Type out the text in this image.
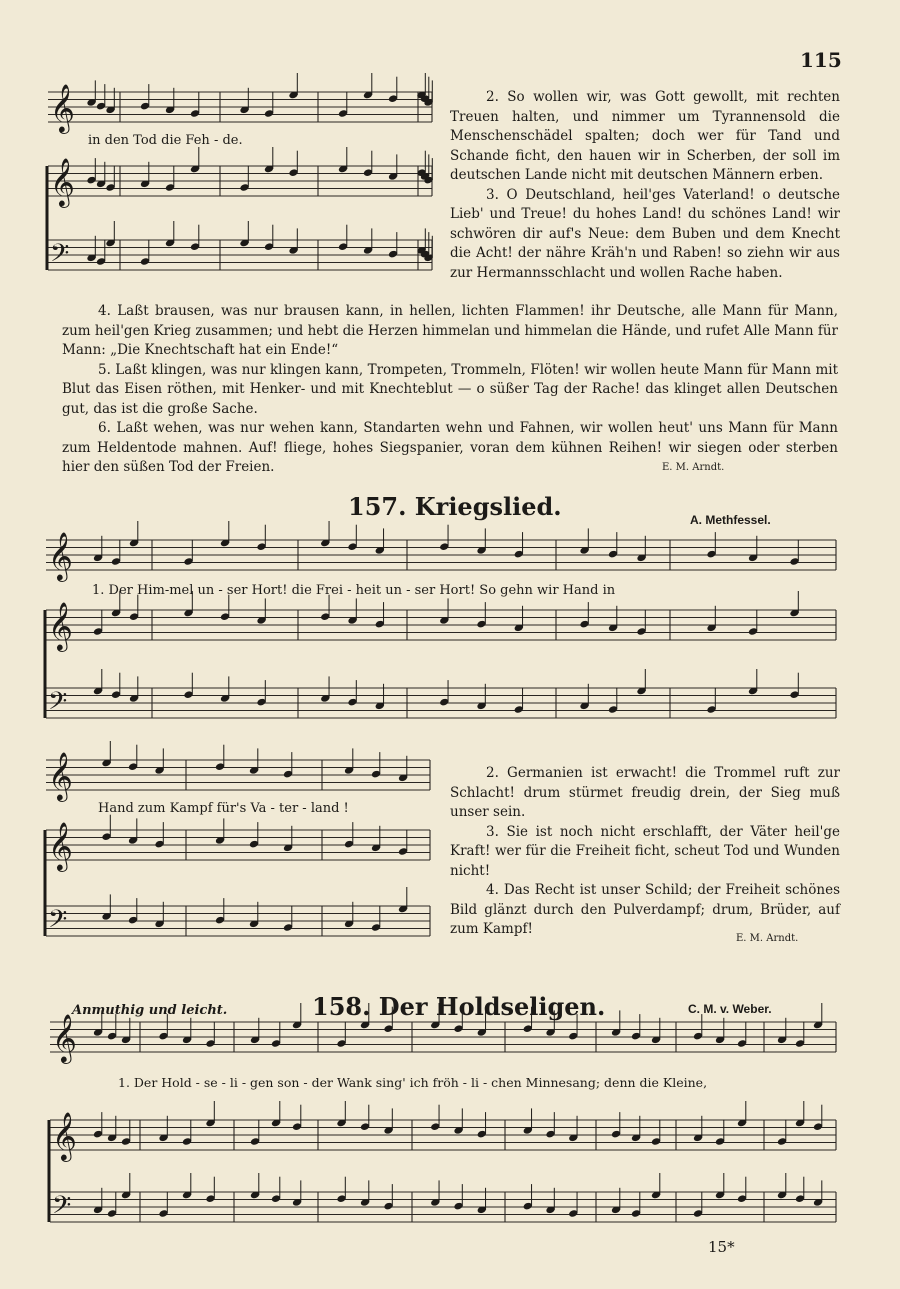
115
𝄞
𝄞
𝄢
𝄞
𝄞
𝄢
𝄞
𝄞
𝄢
𝄞
𝄞
𝄢
in den Tod die Feh - de.

2. So wollen wir, was Gott gewollt, mit rechten Treuen halten, und nimmer um Tyrannensold die Menschenschädel spalten; doch wer für Tand und Schande ficht, den hauen wir in Scherben, der soll im deutschen Lande nicht mit deutschen Männern erben.

3. O Deutschland, heil'ges Vaterland! o deutsche Lieb' und Treue! du hohes Land! du schönes Land! wir schwören dir auf's Neue: dem Buben und dem Knecht die Acht! der nähre Kräh'n und Raben! so ziehn wir aus zur Hermannsschlacht und wollen Rache haben.

4. Laßt brausen, was nur brausen kann, in hellen, lichten Flammen! ihr Deutsche, alle Mann für Mann, zum heil'gen Krieg zusammen; und hebt die Herzen himmelan und himmelan die Hände, und rufet Alle Mann für Mann: „Die Knechtschaft hat ein Ende!“

5. Laßt klingen, was nur klingen kann, Trompeten, Trommeln, Flöten! wir wollen heute Mann für Mann mit Blut das Eisen röthen, mit Henker- und mit Knechteblut — o süßer Tag der Rache! das klinget allen Deutschen gut, das ist die große Sache.

6. Laßt wehen, was nur wehen kann, Standarten wehn und Fahnen, wir wollen heut' uns Mann für Mann zum Heldentode mahnen. Auf! fliege, hohes Siegspanier, voran dem kühnen Reihen! wir siegen oder sterben hier den süßen Tod der Freien.	E. M. Arndt.
157. Kriegslied.	A. Methfessel.
1. Der Him-mel un - ser Hort! die Frei - heit un - ser Hort! So gehn wir Hand in
Hand zum Kampf für's Va - ter - land !

2. Germanien ist erwacht! die Trommel ruft zur Schlacht! drum stürmet freudig drein, der Sieg muß unser sein.

3. Sie ist noch nicht erschlafft, der Väter heil'ge Kraft! wer für die Freiheit ficht, scheut Tod und Wunden nicht!

4. Das Recht ist unser Schild; der Freiheit schönes Bild glänzt durch den Pulverdampf; drum, Brüder, auf zum Kampf!

E. M. Arndt.
Anmuthig und leicht.	158. Der Holdseligen.	C. M. v. Weber.
1. Der Hold - se - li - gen son - der Wank sing' ich fröh - li - chen Minnesang; denn die Kleine,
15*
